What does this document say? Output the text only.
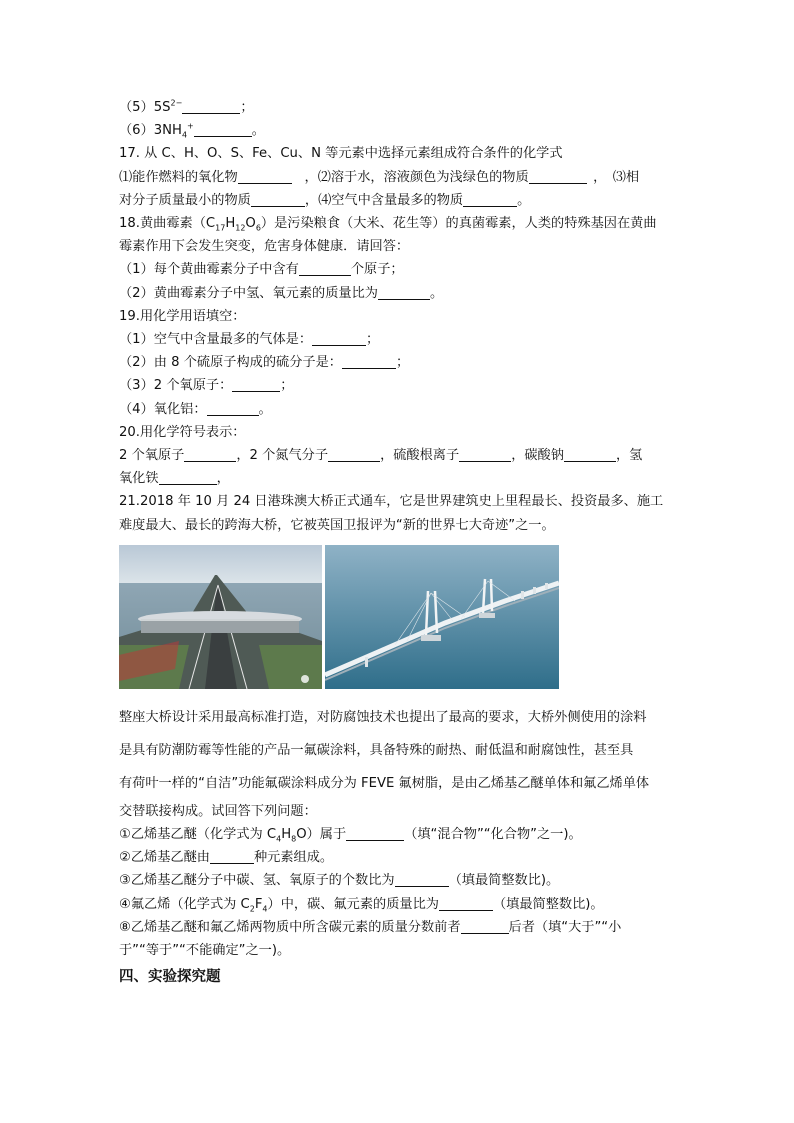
$(5)5S^{2-}$	；
$(6)3NH_4^+$	。
17. 从 C、H、O、S、Fe、Cu、N 等元素中选择元素组成符合条件的化学式
⑴能作燃料的氧化物	，⑵溶于水，溶液颜色为浅绿色的物质	， ⑶相
对分子质量最小的物质	，⑷空气中含量最多的物质	。
18.黄曲霉素$(C_{17}H_{12}O_6)$是污染粮食（大米、花生等）的真菌霉素，人类的特殊基因在黄曲
霉素作用下会发生突变，危害身体健康．请回答：
（1）每个黄曲霉素分子中含有	个原子；
（2）黄曲霉素分子中氢、氧元素的质量比为	。
19.用化学用语填空：
（1）空气中含量最多的气体是：	；
（2）由 8 个硫原子构成的硫分子是：	；
（3）2 个氧原子：	；
（4）氧化铝：	。
20.用化学符号表示：
2 个氧原子	，2 个氮气分子	，硫酸根离子	，碳酸钠	，氢
氧化铁	，
21.2018 年 10 月 24 日港珠澳大桥正式通车，它是世界建筑史上里程最长、投资最多、施工
难度最大、最长的跨海大桥，它被英国卫报评为“新的世界七大奇迹”之一。
整座大桥设计采用最高标准打造，对防腐蚀技术也提出了最高的要求，大桥外侧使用的涂料
是具有防潮防霉等性能的产品一氟碳涂料，具备特殊的耐热、耐低温和耐腐蚀性，甚至具
有荷叶一样的“自洁”功能氟碳涂料成分为 FEVE 氟树脂，是由乙烯基乙醚单体和氟乙烯单体
交替联接构成。试回答下列问题：
①乙烯基乙醚（化学式为 $C_4H_8O$）属于	（填“混合物”“化合物”之一)。
②乙烯基乙醚由	种元素组成。
③乙烯基乙醚分子中碳、氢、氧原子的个数比为	（填最简整数比)。
④氟乙烯（化学式为 $C_2F_4$）中，碳、氟元素的质量比为	（填最简整数比)。
⑧乙烯基乙醚和氟乙烯两物质中所含碳元素的质量分数前者	后者（填“大于”“小
于”“等于”“不能确定”之一)。
四、实验探究题
